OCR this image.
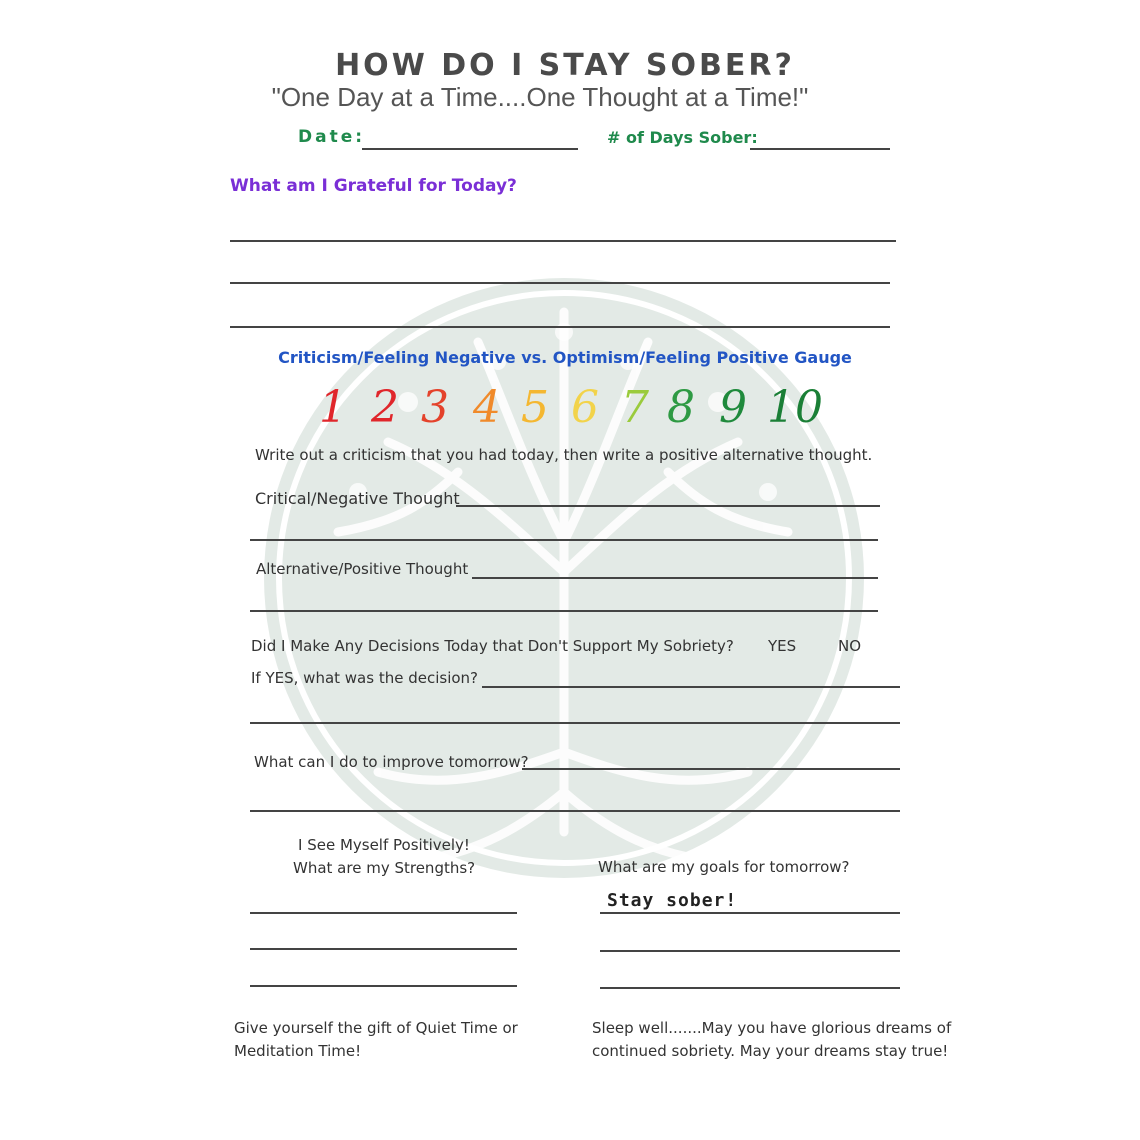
HOW DO I STAY SOBER?
"One Day at a Time....One Thought at a Time!"
Date:	# of Days Sober:
What am I Grateful for Today?
Criticism/Feeling Negative vs. Optimism/Feeling Positive Gauge
1 2 3 4 5 6 7 8 9 10
Write out a criticism that you had today, then write a positive alternative thought.
Critical/Negative Thought
Alternative/Positive Thought
Did I Make Any Decisions Today that Don't Support My Sobriety? YES	NO
If YES, what was the decision?
What can I do to improve tomorrow?
I See Myself Positively!
What are my Strengths?	What are my goals for tomorrow?
Stay sober!
Give yourself the gift of Quiet Time or
Meditation Time!
Sleep well.......May you have glorious dreams of
continued sobriety. May your dreams stay true!
